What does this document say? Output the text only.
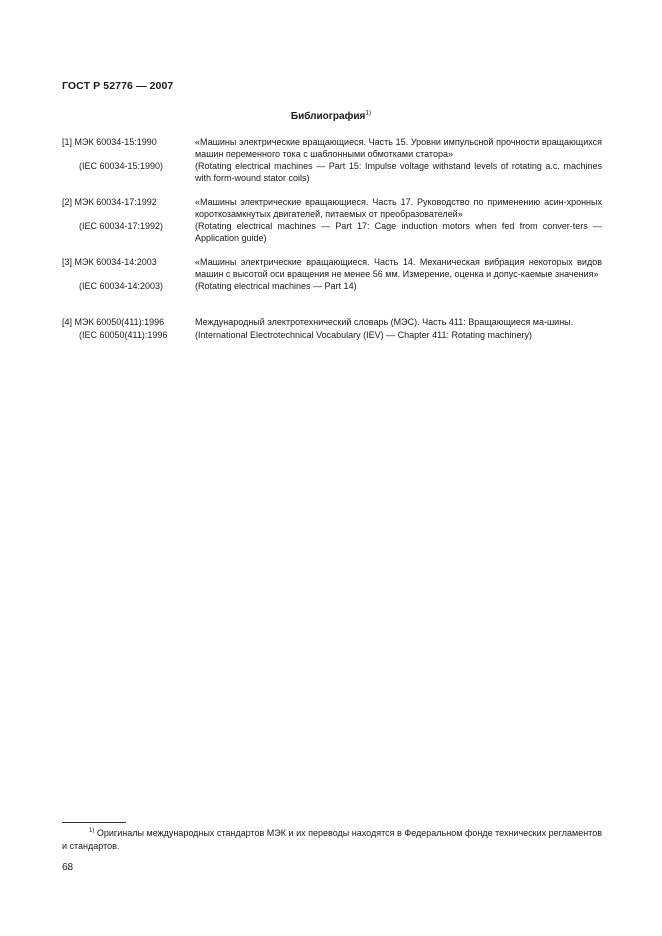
ГОСТ Р 52776 — 2007
Библиография$^{1)}$
[1] МЭК 60034-15:1990	«Машины электрические вращающиеся. Часть 15. Уровни импульсной прочности вращающихся машин переменного тока с шаблонными обмотками статора»
(IEC 60034-15:1990)	(Rotating electrical machines — Part 15: Impulse voltage withstand levels of rotating a.c. machines with form-wound stator coils)
[2] МЭК 60034-17:1992	«Машины электрические вращающиеся. Часть 17. Руководство по применению асин-хронных короткозамкнутых двигателей, питаемых от преобразователей»
(IEC 60034-17:1992)	(Rotating electrical machines — Part 17: Cage induction motors when fed from conver-ters — Application guide)
[3] МЭК 60034-14:2003	«Машины электрические вращающиеся. Часть 14. Механическая вибрация некоторых видов машин с высотой оси вращения не менее 56 мм. Измерение, оценка и допус-каемые значения»
(IEC 60034-14:2003)	(Rotating electrical machines — Part 14)
[4] МЭК 60050(411):1996	Международный электротехнический словарь (МЭС). Часть 411: Вращающиеся ма-шины.
(IEC 60050(411):1996	(International Electrotechnical Vocabulary (IEV) — Chapter 411: Rotating machinery)
$^{1)}$ Оригиналы международных стандартов МЭК и их переводы находятся в Федеральном фонде технических регламентов и стандартов.
68
